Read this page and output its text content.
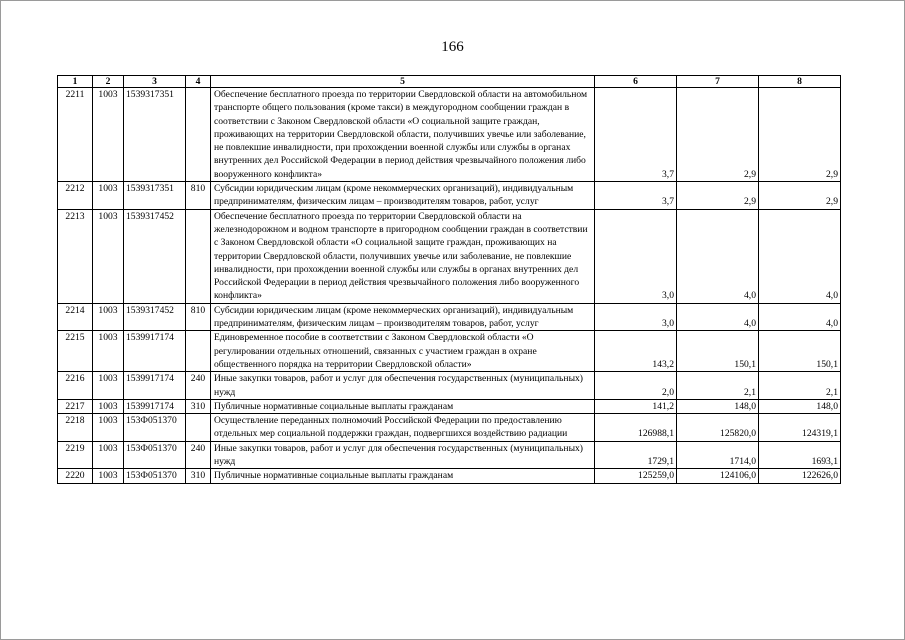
166
1	2	3	4	5	6	7	8
2211	1003	1539317351		Обеспечение бесплатного проезда по территории Свердловской области на автомобильном транспорте общего пользования (кроме такси) в междугородном сообщении граждан в соответствии с Законом Свердловской области «О социальной защите граждан, проживающих на территории Свердловской области, получивших увечье или заболевание, не повлекшие инвалидности, при прохождении военной службы или службы в органах внутренних дел Российской Федерации в период действия чрезвычайного положения либо вооруженного конфликта»	3,7	2,9	2,9
2212	1003	1539317351	810	Субсидии юридическим лицам (кроме некоммерческих организаций), индивидуальным предпринимателям, физическим лицам – производителям товаров, работ, услуг	3,7	2,9	2,9
2213	1003	1539317452		Обеспечение бесплатного проезда по территории Свердловской области на железнодорожном и водном транспорте в пригородном сообщении граждан в соответствии с Законом Свердловской области «О социальной защите граждан, проживающих на территории Свердловской области, получивших увечье или заболевание, не повлекшие инвалидности, при прохождении военной службы или службы в органах внутренних дел Российской Федерации в период действия чрезвычайного положения либо вооруженного конфликта»	3,0	4,0	4,0
2214	1003	1539317452	810	Субсидии юридическим лицам (кроме некоммерческих организаций), индивидуальным предпринимателям, физическим лицам – производителям товаров, работ, услуг	3,0	4,0	4,0
2215	1003	1539917174		Единовременное пособие в соответствии с Законом Свердловской области «О регулировании отдельных отношений, связанных с участием граждан в охране общественного порядка на территории Свердловской области»	143,2	150,1	150,1
2216	1003	1539917174	240	Иные закупки товаров, работ и услуг для обеспечения государственных (муниципальных) нужд	2,0	2,1	2,1
2217	1003	1539917174	310	Публичные нормативные социальные выплаты гражданам	141,2	148,0	148,0
2218	1003	153Ф051370		Осуществление переданных полномочий Российской Федерации по предоставлению отдельных мер социальной поддержки граждан, подвергшихся воздействию радиации	126988,1	125820,0	124319,1
2219	1003	153Ф051370	240	Иные закупки товаров, работ и услуг для обеспечения государственных (муниципальных) нужд	1729,1	1714,0	1693,1
2220	1003	153Ф051370	310	Публичные нормативные социальные выплаты гражданам	125259,0	124106,0	122626,0
